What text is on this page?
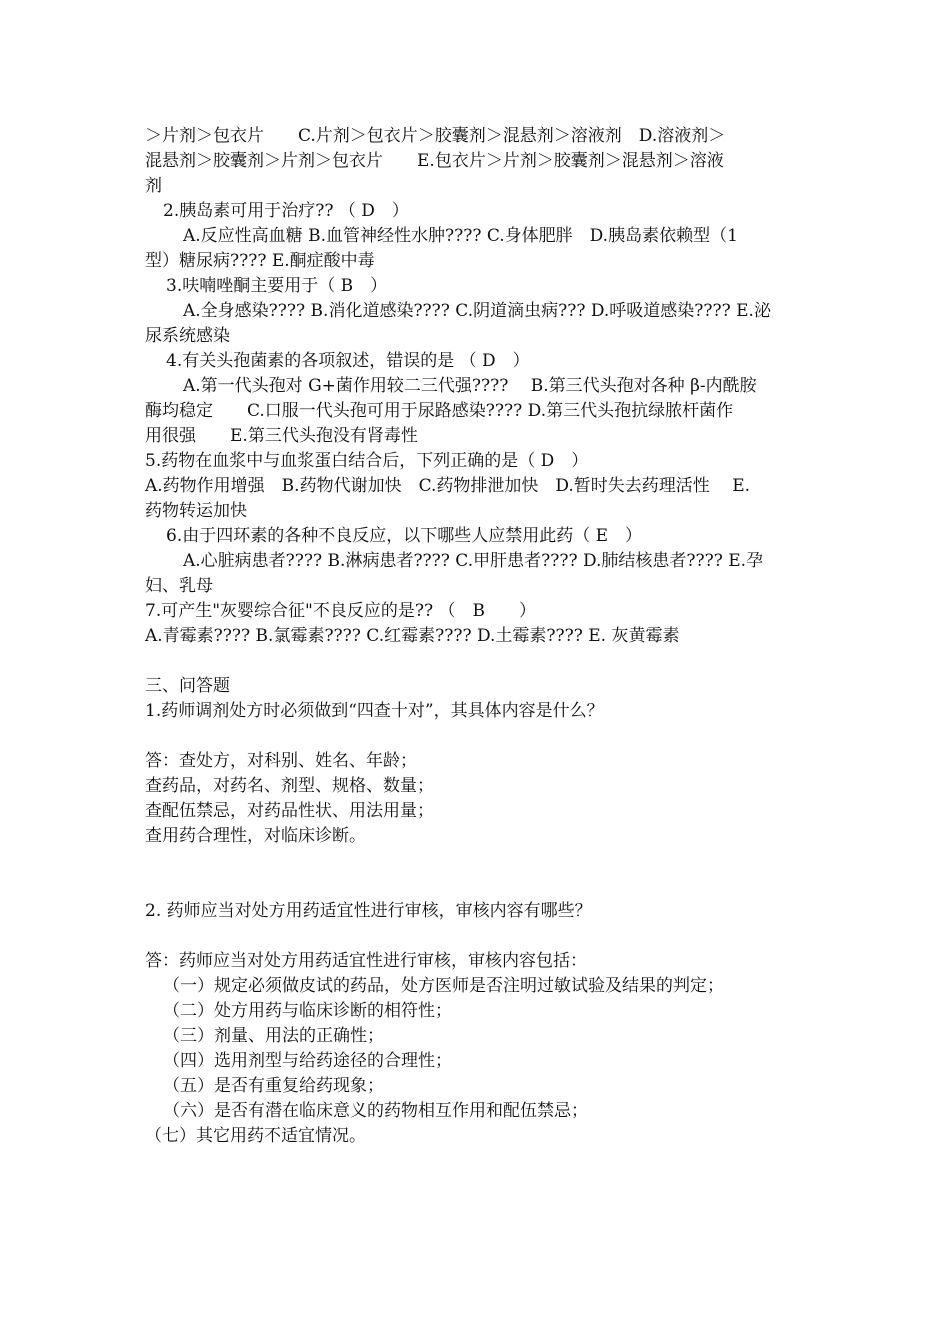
＞片剂＞包衣片　　C.片剂＞包衣片＞胶囊剂＞混悬剂＞溶液剂　D.溶液剂＞
混悬剂＞胶囊剂＞片剂＞包衣片　　E.包衣片＞片剂＞胶囊剂＞混悬剂＞溶液
剂
2.胰岛素可用于治疗?? （ D　）
A.反应性高血糖 B.血管神经性水肿???? C.身体肥胖　D.胰岛素依赖型（1
型）糖尿病???? E.酮症酸中毒
3.呋喃唑酮主要用于（ B　）
A.全身感染???? B.消化道感染???? C.阴道滴虫病??? D.呼吸道感染???? E.泌
尿系统感染
4.有关头孢菌素的各项叙述，错误的是 （ D　）
A.第一代头孢对 G+菌作用较二三代强????　 B.第三代头孢对各种 β-内酰胺
酶均稳定　　C.口服一代头孢可用于尿路感染???? D.第三代头孢抗绿脓杆菌作
用很强　　E.第三代头孢没有肾毒性
5.药物在血浆中与血浆蛋白结合后，下列正确的是（ D　）
A.药物作用增强　B.药物代谢加快　C.药物排泄加快　D.暂时失去药理活性　 E.
药物转运加快
6.由于四环素的各种不良反应，以下哪些人应禁用此药（ E　）
A.心脏病患者???? B.淋病患者???? C.甲肝患者???? D.肺结核患者???? E.孕
妇、乳母
7.可产生"灰婴综合征"不良反应的是?? （　B　　）
A.青霉素???? B.氯霉素???? C.红霉素???? D.土霉素???? E. 灰黄霉素
三、问答题
1.药师调剂处方时必须做到“四查十对”，其具体内容是什么？
答：查处方，对科别、姓名、年龄；
查药品，对药名、剂型、规格、数量；
查配伍禁忌，对药品性状、用法用量；
查用药合理性，对临床诊断。
2. 药师应当对处方用药适宜性进行审核，审核内容有哪些？
答：药师应当对处方用药适宜性进行审核，审核内容包括：
（一）规定必须做皮试的药品，处方医师是否注明过敏试验及结果的判定；
（二）处方用药与临床诊断的相符性；
（三）剂量、用法的正确性；
（四）选用剂型与给药途径的合理性；
（五）是否有重复给药现象；
（六）是否有潜在临床意义的药物相互作用和配伍禁忌；
（七）其它用药不适宜情况。
